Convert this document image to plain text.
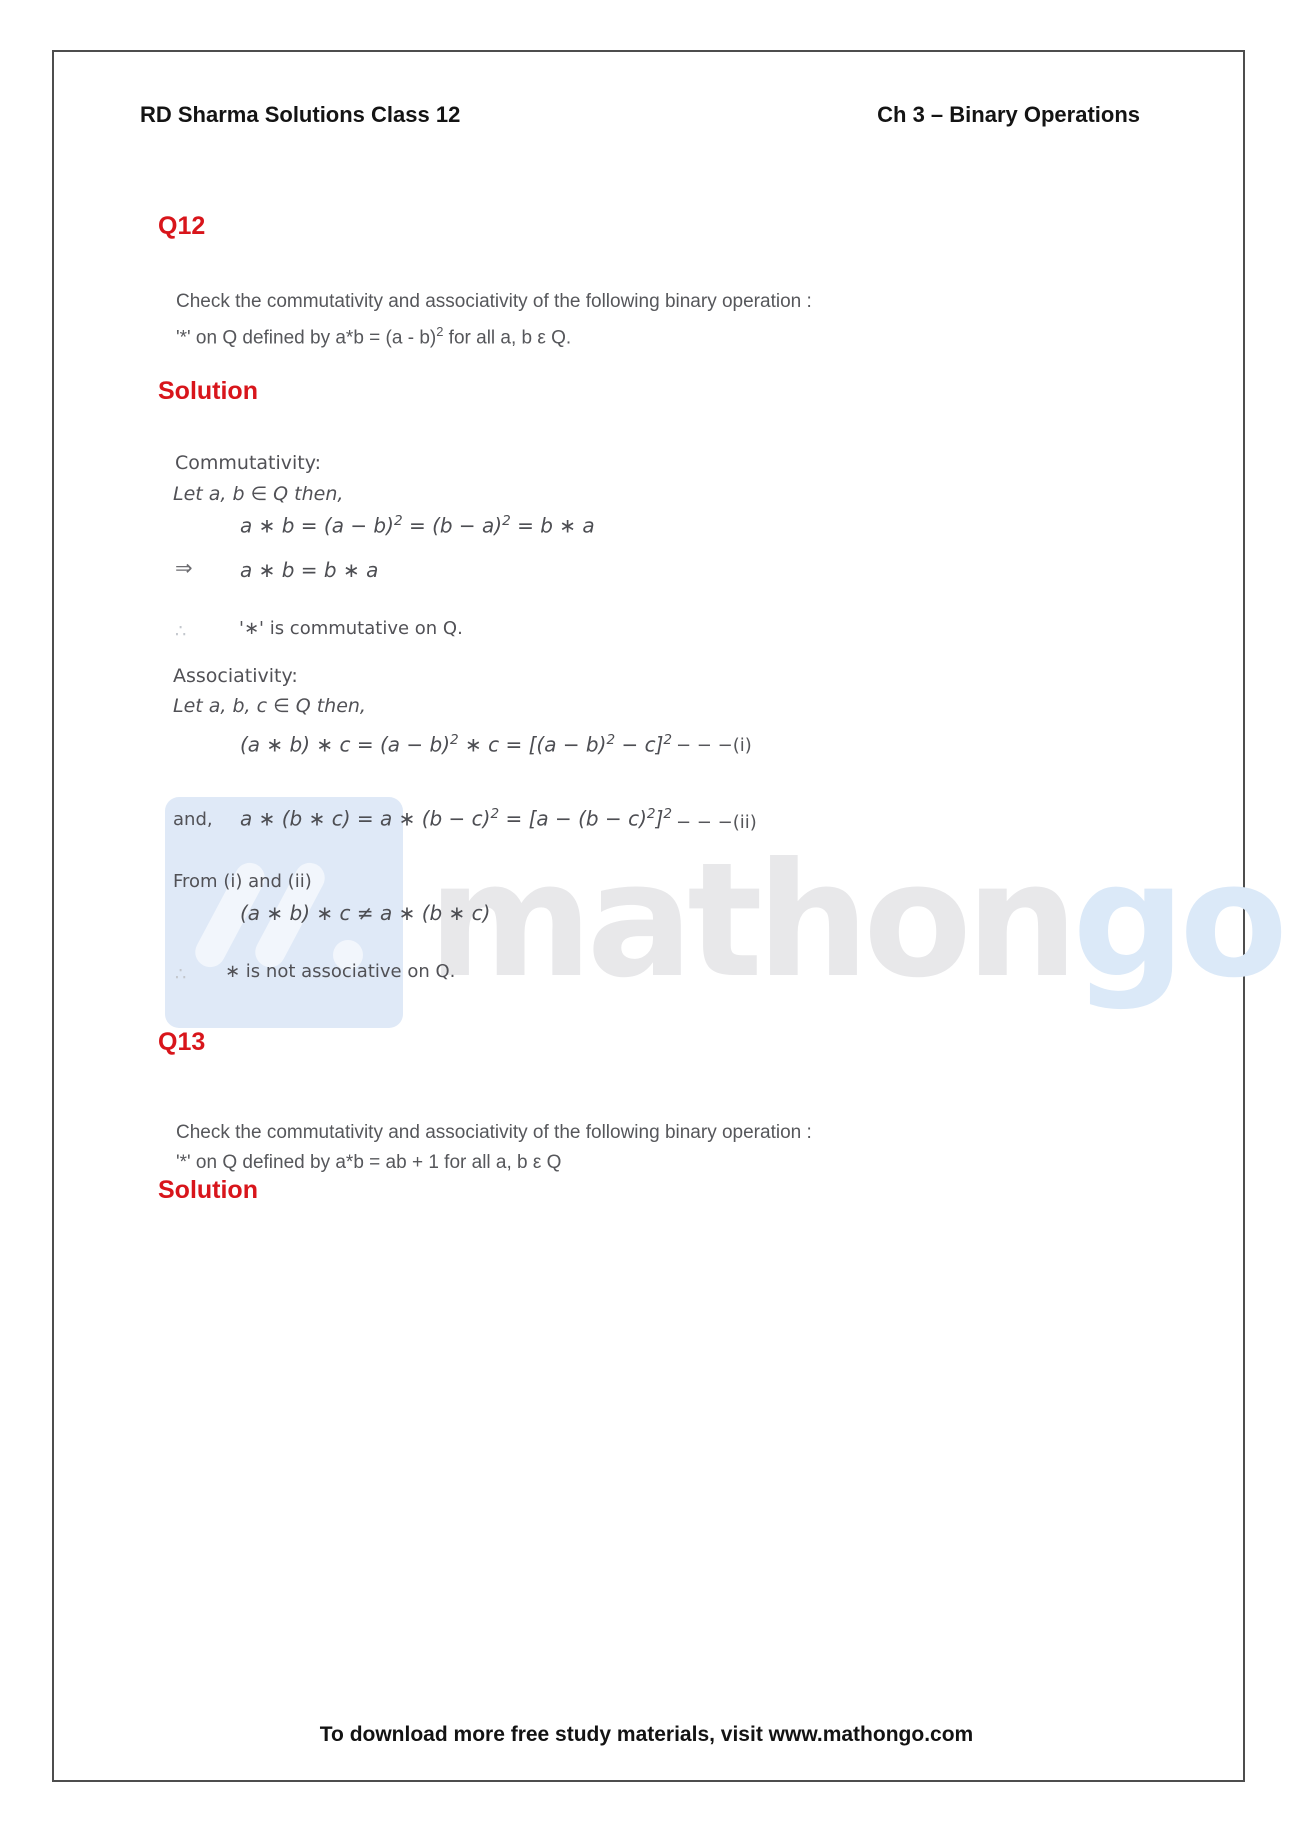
mathongo
RD Sharma Solutions Class 12	Ch 3 – Binary Operations
Q12
Check the commutativity and associativity of the following binary operation :
'*' on Q defined by a*b = (a - b)$^2$ for all a, b ε Q.
Solution
Commutativity:
Let a, b ∈ Q then,
a ∗ $b = (a - b)^2 = (b - a)^2 = b$ ∗ a
⇒ a ∗ b = b ∗ a
∴	'∗' is commutative on Q.
Associativity:
Let a, b, c ∈ Q then,
(a ∗ b) ∗ $c = (a - b)^2$ ∗ $c = [(a - b)^2 - c]^2$ − − −(i)
and, a ∗ (b ∗ c) = a ∗ $(b - c)^2 = [a - (b - c)^2]^2$ − − −(ii)
From (i) and (ii)
(a ∗ b) ∗ c ≠ a ∗ (b ∗ c)
∴ ∗ is not associative on Q.
Q13
Check the commutativity and associativity of the following binary operation :
'*' on Q defined by a*b = ab + 1 for all a, b ε Q
Solution
To download more free study materials, visit www.mathongo.com
